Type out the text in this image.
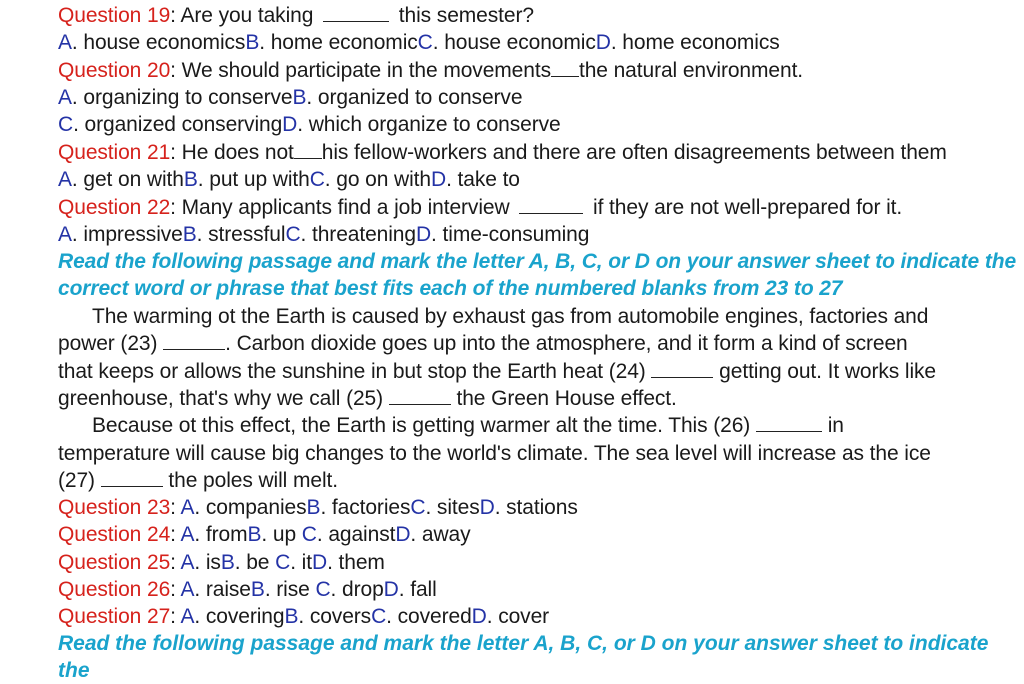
Question 19: Are you taking	this semester?
A. house economicsB. home economicC. house economicD. home economics
Question 20: We should participate in the movements the natural environment.
A. organizing to conserveB. organized to conserve
C. organized conservingD. which organize to conserve
Question 21: He does not his fellow-workers and there are often disagreements between them
A. get on withB. put up withC. go on withD. take to
Question 22: Many applicants find a job interview	if they are not well-prepared for it.
A. impressiveB. stressfulC. threateningD. time-consuming
Read the following passage and mark the letter A, B, C, or D on your answer sheet to indicate the
correct word or phrase that best fits each of the numbered blanks from 23 to 27
The warming ot the Earth is caused by exhaust gas from automobile engines, factories and
power (23)	. Carbon dioxide goes up into the atmosphere, and it form a kind of screen
that keeps or allows the sunshine in but stop the Earth heat (24)	getting out. It works like
greenhouse, that's why we call (25)	the Green House effect.
Because ot this effect, the Earth is getting warmer alt the time. This (26)	in
temperature will cause big changes to the world's climate. The sea level will increase as the ice
(27)	the poles will melt.
Question 23: A. companiesB. factoriesC. sitesD. stations
Question 24: A. fromB. up C. againstD. away
Question 25: A. isB. be C. itD. them
Question 26: A. raiseB. rise C. dropD. fall
Question 27: A. coveringB. coversC. coveredD. cover
Read the following passage and mark the letter A, B, C, or D on your answer sheet to indicate the
